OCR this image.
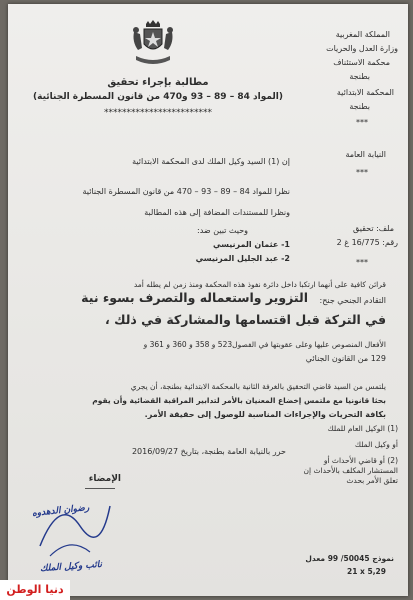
مطالبة بإجراء تحقيق
(المواد 84 – 89 – 93 و470 من قانون المسطرة الجنائية)
************************
المملكة المغربية
وزارة العدل والحريات
محكمة الاستئناف
بطنجة
المحكمة الابتدائية
بطنجة
***
النيابة العامة
***
ملف: تحقيق
رقم: 16/775 غ 2
***
إن (1) السيد وكيل الملك لدى المحكمة الابتدائية
نظرا للمواد 84 – 89 – 93 – 470 من قانون المسطرة الجنائية
ونظرا للمستندات المضافة إلى هذه المطالبة
وحيث تبين ضد:
1- عثمان المرنيسي
2- عبد الجليل المرنيسي
قرائن كافية على أنهما ارتكبا داخل دائرة نفوذ هذه المحكمة ومنذ زمن لم يطله أمد
التقادم الجنحي جنح:
التزوير واستعماله والتصرف بسوء نية
في التركة قبل اقتسامها والمشاركة في ذلك ،
الأفعال المنصوص عليها وعلى عقوبتها في الفصول523 و 358 و 360 و 361 و
129 من القانون الجنائي
يلتمس من السيد قاضي التحقيق بالغرفة الثانية بالمحكمة الابتدائية بطنجة، أن يجري
بحثا قانونيا مع ملتمس إخضاع المعنيان بالأمر لتدابير المراقبة القضائية وأن يقوم
بكافة التحريات والإجراءات المناسبة للوصول إلى حقيقة الأمر.
حرر بالنيابة العامة بطنجة، بتاريخ 2016/09/27
الإمضاء
رضوان الدهدوه
نائب وكيل الملك
(1) الوكيل العام للملك
أو وكيل الملك
(2) أو قاضي الأحداث أو المستشار المكلف بالأحداث إن تعلق الأمر بحدث
نموذج 50045/ 99 معدل
21 x 5,29
دنيا الوطن
